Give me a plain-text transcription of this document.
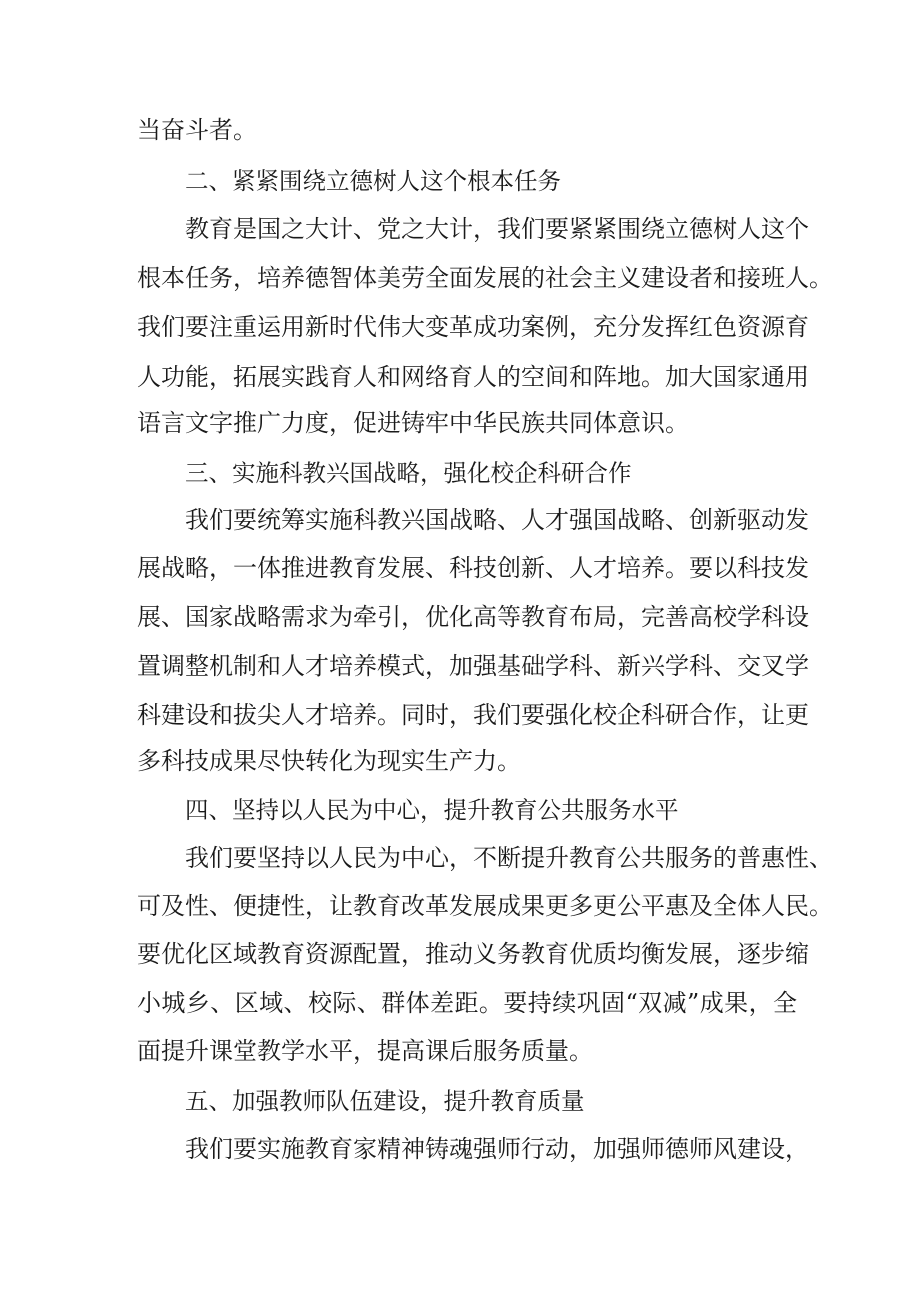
当奋斗者。

二、紧紧围绕立德树人这个根本任务

教育是国之大计、党之大计，我们要紧紧围绕立德树人这个

根本任务，培养德智体美劳全面发展的社会主义建设者和接班人。

我们要注重运用新时代伟大变革成功案例，充分发挥红色资源育

人功能，拓展实践育人和网络育人的空间和阵地。加大国家通用

语言文字推广力度，促进铸牢中华民族共同体意识。

三、实施科教兴国战略，强化校企科研合作

我们要统筹实施科教兴国战略、人才强国战略、创新驱动发

展战略，一体推进教育发展、科技创新、人才培养。要以科技发

展、国家战略需求为牵引，优化高等教育布局，完善高校学科设

置调整机制和人才培养模式，加强基础学科、新兴学科、交叉学

科建设和拔尖人才培养。同时，我们要强化校企科研合作，让更

多科技成果尽快转化为现实生产力。

四、坚持以人民为中心，提升教育公共服务水平

我们要坚持以人民为中心，不断提升教育公共服务的普惠性、

可及性、便捷性，让教育改革发展成果更多更公平惠及全体人民。

要优化区域教育资源配置，推动义务教育优质均衡发展，逐步缩

小城乡、区域、校际、群体差距。要持续巩固“双减”成果，全

面提升课堂教学水平，提高课后服务质量。

五、加强教师队伍建设，提升教育质量

我们要实施教育家精神铸魂强师行动，加强师德师风建设，
